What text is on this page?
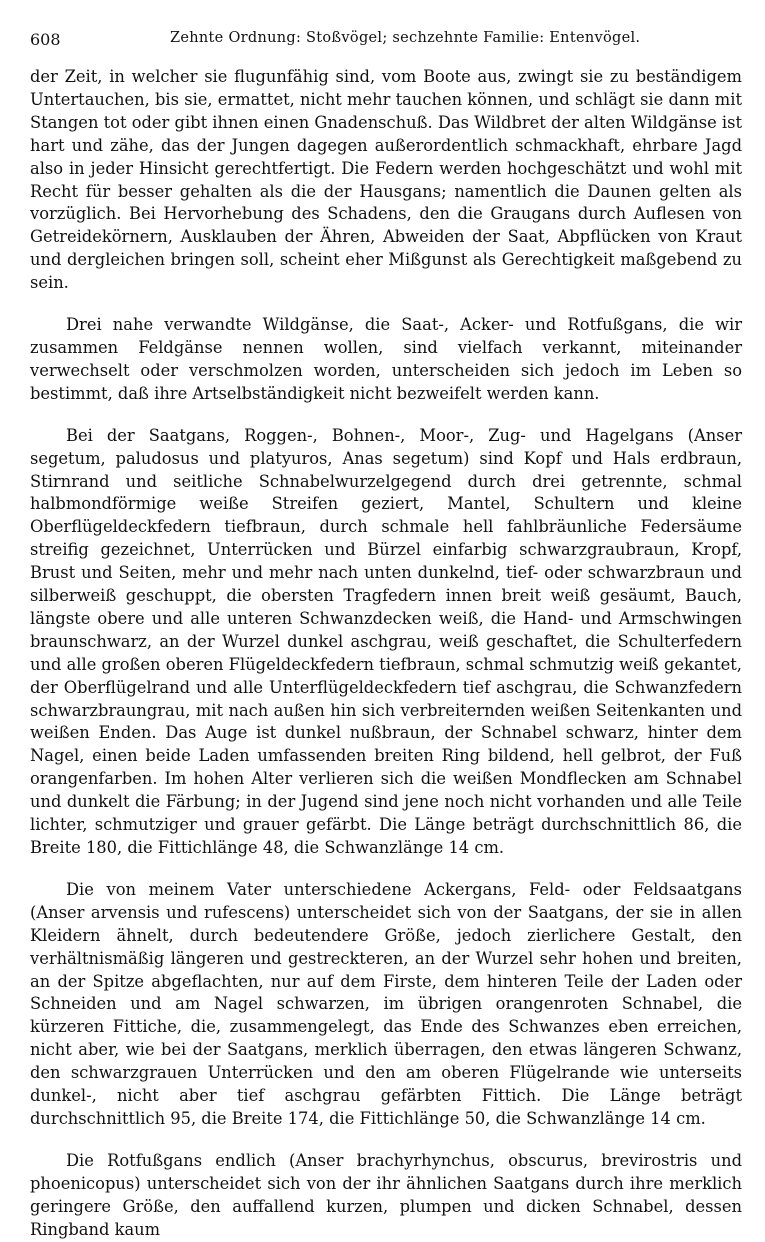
608	Zehnte Ordnung: Stoßvögel; sechzehnte Familie: Entenvögel.

der Zeit, in welcher sie flugunfähig sind, vom Boote aus, zwingt sie zu beständigem Untertauchen, bis sie, ermattet, nicht mehr tauchen können, und schlägt sie dann mit Stangen tot oder gibt ihnen einen Gnadenschuß. Das Wildbret der alten Wildgänse ist hart und zähe, das der Jungen dagegen außerordentlich schmackhaft, ehrbare Jagd also in jeder Hinsicht gerechtfertigt. Die Federn werden hochgeschätzt und wohl mit Recht für besser gehalten als die der Hausgans; namentlich die Daunen gelten als vorzüglich. Bei Hervorhebung des Schadens, den die Graugans durch Auflesen von Getreidekörnern, Ausklauben der Ähren, Abweiden der Saat, Abpflücken von Kraut und dergleichen bringen soll, scheint eher Mißgunst als Gerechtigkeit maßgebend zu sein.

Drei nahe verwandte Wildgänse, die Saat-, Acker- und Rotfußgans, die wir zusammen Feldgänse nennen wollen, sind vielfach verkannt, miteinander verwechselt oder verschmolzen worden, unterscheiden sich jedoch im Leben so bestimmt, daß ihre Artselbständigkeit nicht bezweifelt werden kann.

Bei der Saatgans, Roggen-, Bohnen-, Moor-, Zug- und Hagelgans (Anser segetum, paludosus und platyuros, Anas segetum) sind Kopf und Hals erdbraun, Stirnrand und seitliche Schnabelwurzelgegend durch drei getrennte, schmal halbmondförmige weiße Streifen geziert, Mantel, Schultern und kleine Oberflügeldeckfedern tiefbraun, durch schmale hell fahlbräunliche Federsäume streifig gezeichnet, Unterrücken und Bürzel einfarbig schwarzgraubraun, Kropf, Brust und Seiten, mehr und mehr nach unten dunkelnd, tief- oder schwarzbraun und silberweiß geschuppt, die obersten Tragfedern innen breit weiß gesäumt, Bauch, längste obere und alle unteren Schwanzdecken weiß, die Hand- und Armschwingen braunschwarz, an der Wurzel dunkel aschgrau, weiß geschaftet, die Schulterfedern und alle großen oberen Flügeldeckfedern tiefbraun, schmal schmutzig weiß gekantet, der Oberflügelrand und alle Unterflügeldeckfedern tief aschgrau, die Schwanzfedern schwarzbraungrau, mit nach außen hin sich verbreiternden weißen Seitenkanten und weißen Enden. Das Auge ist dunkel nußbraun, der Schnabel schwarz, hinter dem Nagel, einen beide Laden umfassenden breiten Ring bildend, hell gelbrot, der Fuß orangenfarben. Im hohen Alter verlieren sich die weißen Mondflecken am Schnabel und dunkelt die Färbung; in der Jugend sind jene noch nicht vorhanden und alle Teile lichter, schmutziger und grauer gefärbt. Die Länge beträgt durchschnittlich 86, die Breite 180, die Fittichlänge 48, die Schwanzlänge 14 cm.

Die von meinem Vater unterschiedene Ackergans, Feld- oder Feldsaatgans (Anser arvensis und rufescens) unterscheidet sich von der Saatgans, der sie in allen Kleidern ähnelt, durch bedeutendere Größe, jedoch zierlichere Gestalt, den verhältnismäßig längeren und gestreckteren, an der Wurzel sehr hohen und breiten, an der Spitze abgeflachten, nur auf dem Firste, dem hinteren Teile der Laden oder Schneiden und am Nagel schwarzen, im übrigen orangenroten Schnabel, die kürzeren Fittiche, die, zusammengelegt, das Ende des Schwanzes eben erreichen, nicht aber, wie bei der Saatgans, merklich überragen, den etwas längeren Schwanz, den schwarzgrauen Unterrücken und den am oberen Flügelrande wie unterseits dunkel-, nicht aber tief aschgrau gefärbten Fittich. Die Länge beträgt durchschnittlich 95, die Breite 174, die Fittichlänge 50, die Schwanzlänge 14 cm.

Die Rotfußgans endlich (Anser brachyrhynchus, obscurus, brevirostris und phoenicopus) unterscheidet sich von der ihr ähnlichen Saatgans durch ihre merklich geringere Größe, den auffallend kurzen, plumpen und dicken Schnabel, dessen Ringband kaum
